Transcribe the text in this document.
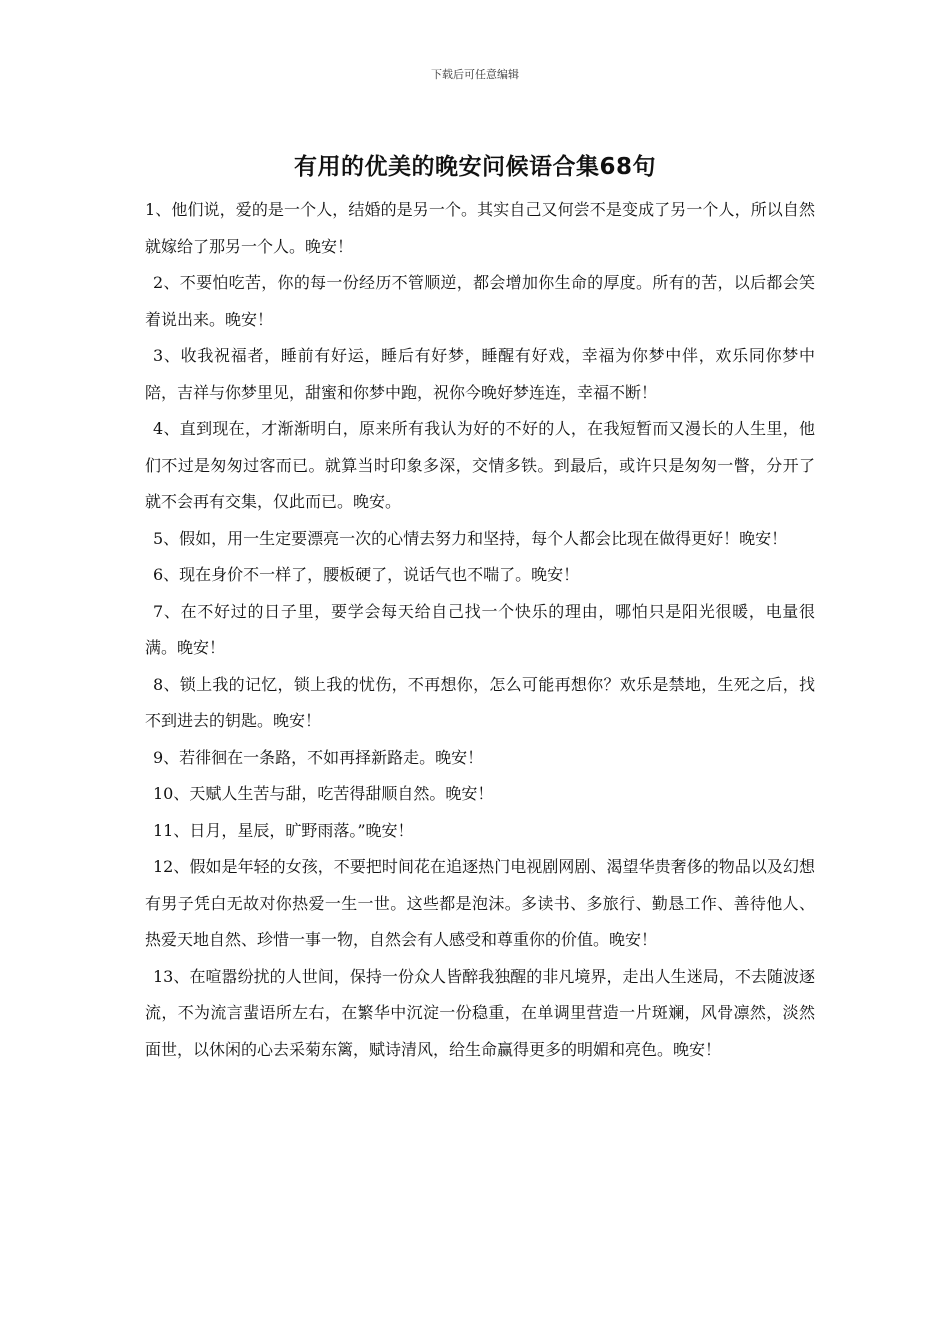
下载后可任意编辑
有用的优美的晚安问候语合集68句

1、他们说，爱的是一个人，结婚的是另一个。其实自己又何尝不是变成了另一个人，所以自然就嫁给了那另一个人。晚安！

2、不要怕吃苦，你的每一份经历不管顺逆，都会增加你生命的厚度。所有的苦，以后都会笑着说出来。晚安！

3、收我祝福者，睡前有好运，睡后有好梦，睡醒有好戏，幸福为你梦中伴，欢乐同你梦中陪，吉祥与你梦里见，甜蜜和你梦中跑，祝你今晚好梦连连，幸福不断！

4、直到现在，才渐渐明白，原来所有我认为好的不好的人，在我短暂而又漫长的人生里，他们不过是匆匆过客而已。就算当时印象多深，交情多铁。到最后，或许只是匆匆一瞥，分开了就不会再有交集，仅此而已。晚安。

5、假如，用一生定要漂亮一次的心情去努力和坚持，每个人都会比现在做得更好！晚安！

6、现在身价不一样了，腰板硬了，说话气也不喘了。晚安！

7、在不好过的日子里，要学会每天给自己找一个快乐的理由，哪怕只是阳光很暖，电量很满。晚安！

8、锁上我的记忆，锁上我的忧伤，不再想你，怎么可能再想你？欢乐是禁地，生死之后，找不到进去的钥匙。晚安！

9、若徘徊在一条路，不如再择新路走。晚安！

10、天赋人生苦与甜，吃苦得甜顺自然。晚安！

11、日月，星辰，旷野雨落。”晚安！

12、假如是年轻的女孩，不要把时间花在追逐热门电视剧网剧、渴望华贵奢侈的物品以及幻想有男子凭白无故对你热爱一生一世。这些都是泡沫。多读书、多旅行、勤恳工作、善待他人、热爱天地自然、珍惜一事一物，自然会有人感受和尊重你的价值。晚安！

13、在喧嚣纷扰的人世间，保持一份众人皆醉我独醒的非凡境界，走出人生迷局，不去随波逐流，不为流言蜚语所左右，在繁华中沉淀一份稳重，在单调里营造一片斑斓，风骨凛然，淡然面世，以休闲的心去采菊东篱，赋诗清风，给生命赢得更多的明媚和亮色。晚安！
